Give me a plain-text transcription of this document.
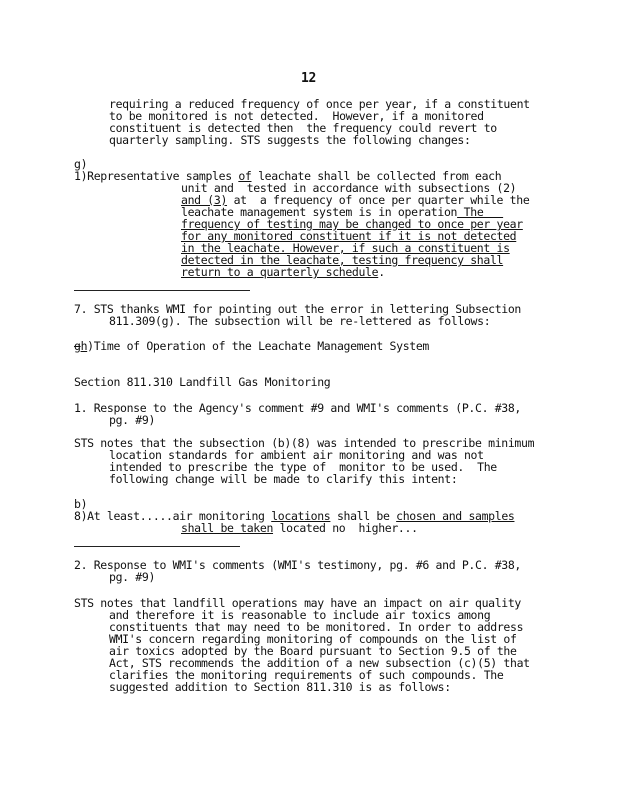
12
requiring a reduced frequency of once per year, if a constituent
to be monitored is not detected.  However, if a monitored
constituent is detected then  the frequency could revert to
quarterly sampling. STS suggests the following changes:
g)
1)Representative samples of leachate shall be collected from each
unit and  tested in accordance with subsections (2)
and (3) at  a frequency of once per quarter while the
leachate management system is in operation The
frequency of testing may be changed to once per year
for any monitored constituent if it is not detected
in the leachate. However, if such a constituent is
detected in the leachate, testing frequency shall
return to a quarterly schedule.
7. STS thanks WMI for pointing out the error in lettering Subsection
811.309(g). The subsection will be re-lettered as follows:
gh)Time of Operation of the Leachate Management System
Section 811.310 Landfill Gas Monitoring
1. Response to the Agency's comment #9 and WMI's comments (P.C. #38,
pg. #9)
STS notes that the subsection (b)(8) was intended to prescribe minimum
location standards for ambient air monitoring and was not
intended to prescribe the type of  monitor to be used.  The
following change will be made to clarify this intent:
b)
8)At least.....air monitoring locations shall be chosen and samples
shall be taken located no  higher...
2. Response to WMI's comments (WMI's testimony, pg. #6 and P.C. #38,
pg. #9)
STS notes that landfill operations may have an impact on air quality
and therefore it is reasonable to include air toxics among
constituents that may need to be monitored. In order to address
WMI's concern regarding monitoring of compounds on the list of
air toxics adopted by the Board pursuant to Section 9.5 of the
Act, STS recommends the addition of a new subsection (c)(5) that
clarifies the monitoring requirements of such compounds. The
suggested addition to Section 811.310 is as follows:
